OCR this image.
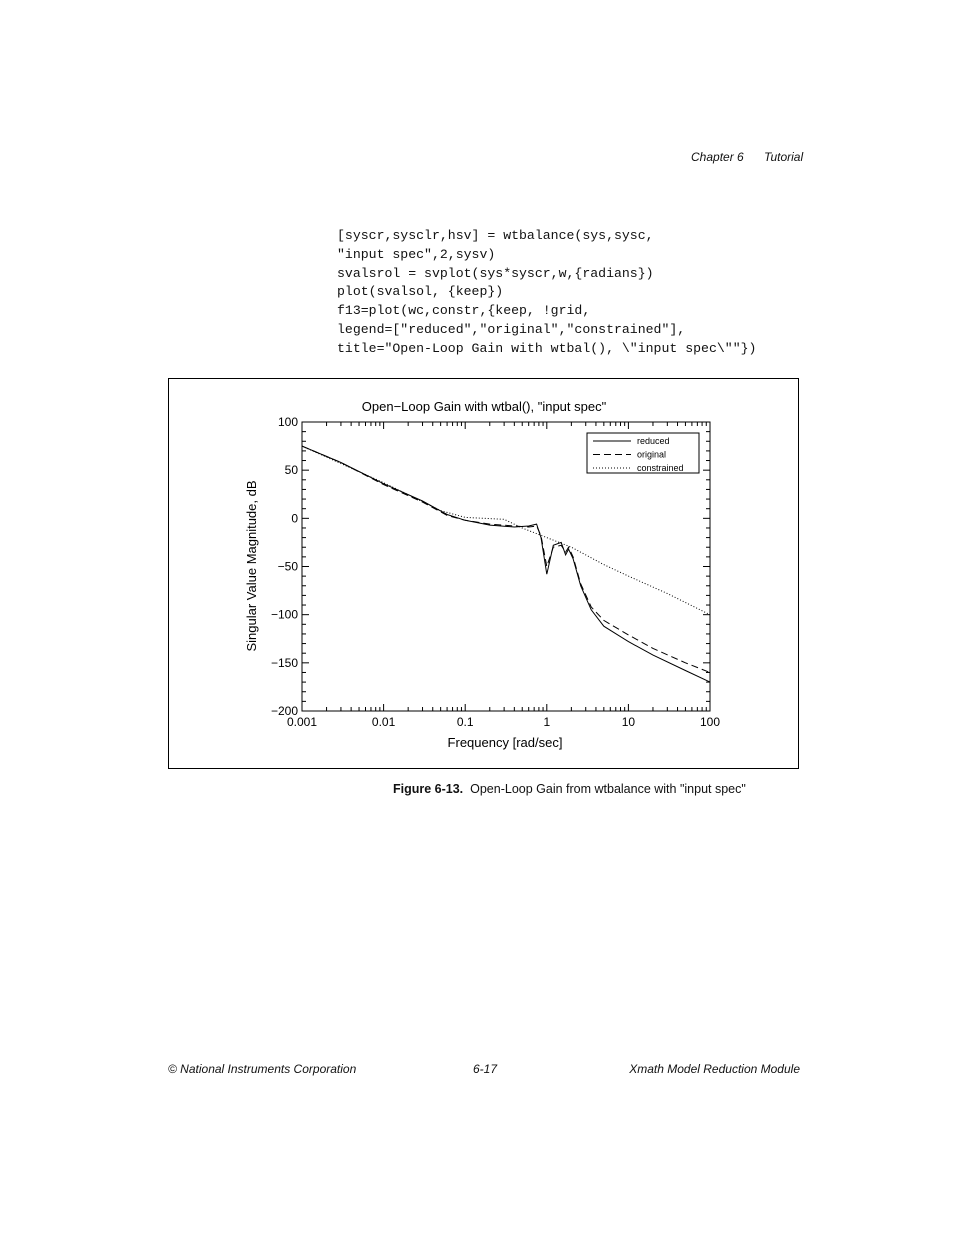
Chapter 6 Tutorial
[syscr,sysclr,hsv] = wtbalance(sys,sysc,
"input spec",2,sysv)
svalsrol = svplot(sys*syscr,w,{radians})
plot(svalsol, {keep})
f13=plot(wc,constr,{keep, !grid,
legend=["reduced","original","constrained"],
title="Open-Loop Gain with wtbal(), \"input spec\""})
Open−Loop Gain with wtbal(), "input spec"
Frequency [rad/sec]
Singular Value Magnitude, dB
0.001	0.01	0.1	1	10	100
100
50
0
−50
−100
−150
−200
reduced
original
constrained
Figure 6-13. Open-Loop Gain from wtbalance with "input spec"
© National Instruments Corporation	6-17	Xmath Model Reduction Module
